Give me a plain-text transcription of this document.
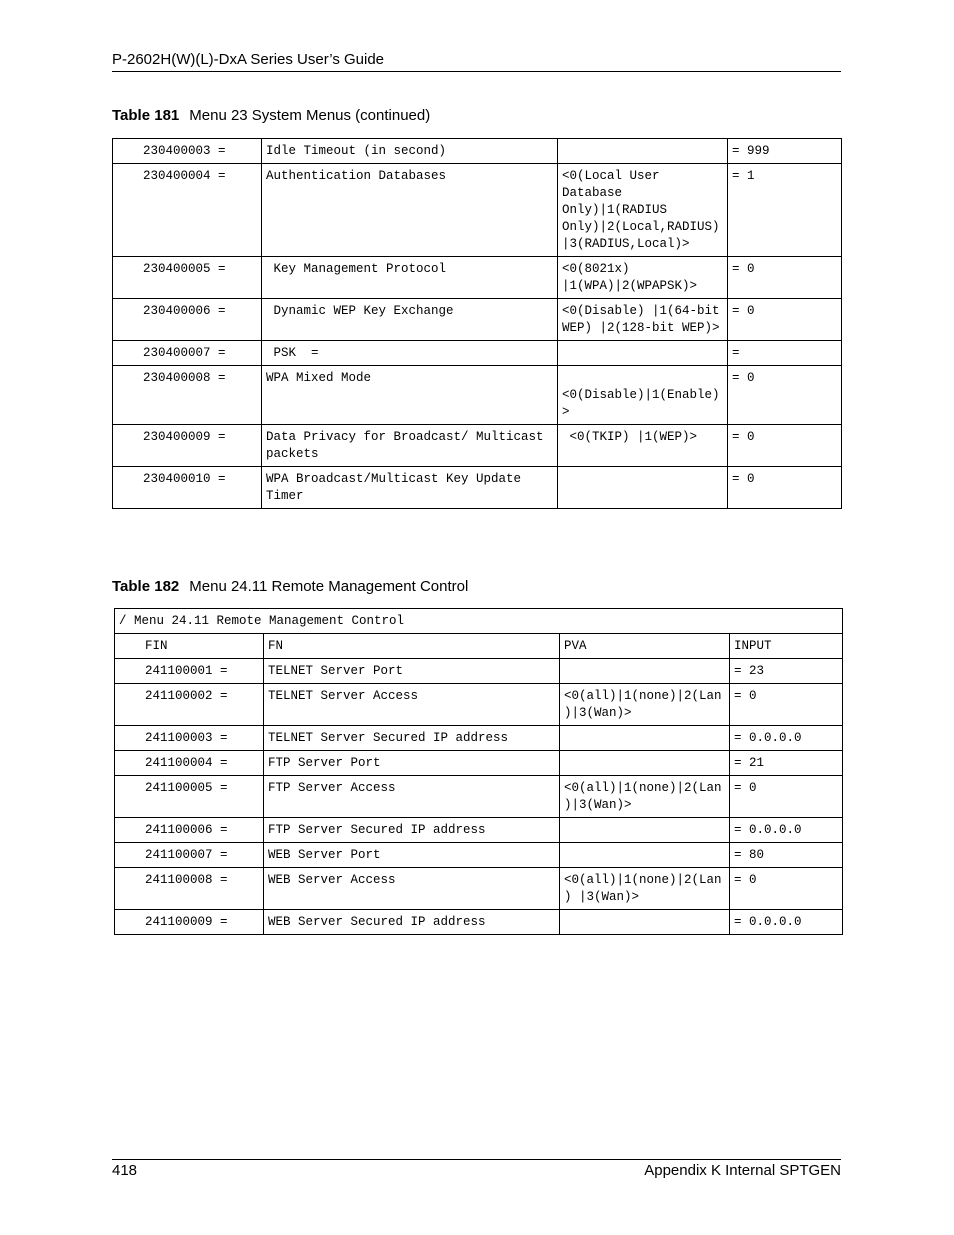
P-2602H(W)(L)-DxA Series User’s Guide
Table 181 Menu 23 System Menus (continued)
230400003 =	Idle Timeout (in second)		= 999
230400004 =	Authentication Databases	<0(Local User Database Only)|1(RADIUS Only)|2(Local,RADIUS)|3(RADIUS,Local)>	= 1
230400005 =	Key Management Protocol	<0(8021x) |1(WPA)|2(WPAPSK)>	= 0
230400006 =	Dynamic WEP Key Exchange	<0(Disable) |1(64-bit WEP) |2(128-bit WEP)>	= 0
230400007 =	PSK  =		=
230400008 =	WPA Mixed Mode	<0(Disable)|1(Enable)>	= 0
230400009 =	Data Privacy for Broadcast/ Multicast packets	<0(TKIP) |1(WEP)>	= 0
230400010 =	WPA Broadcast/Multicast Key Update Timer		= 0
Table 182 Menu 24.11 Remote Management Control
/ Menu 24.11 Remote Management Control			
FIN	FN	PVA	INPUT
241100001 =	TELNET Server Port		= 23
241100002 =	TELNET Server Access	<0(all)|1(none)|2(Lan)|3(Wan)>	= 0
241100003 =	TELNET Server Secured IP address		= 0.0.0.0
241100004 =	FTP Server Port		= 21
241100005 =	FTP Server Access	<0(all)|1(none)|2(Lan)|3(Wan)>	= 0
241100006 =	FTP Server Secured IP address		= 0.0.0.0
241100007 =	WEB Server Port		= 80
241100008 =	WEB Server Access	<0(all)|1(none)|2(Lan) |3(Wan)>	= 0
241100009 =	WEB Server Secured IP address		= 0.0.0.0
418	Appendix K Internal SPTGEN
